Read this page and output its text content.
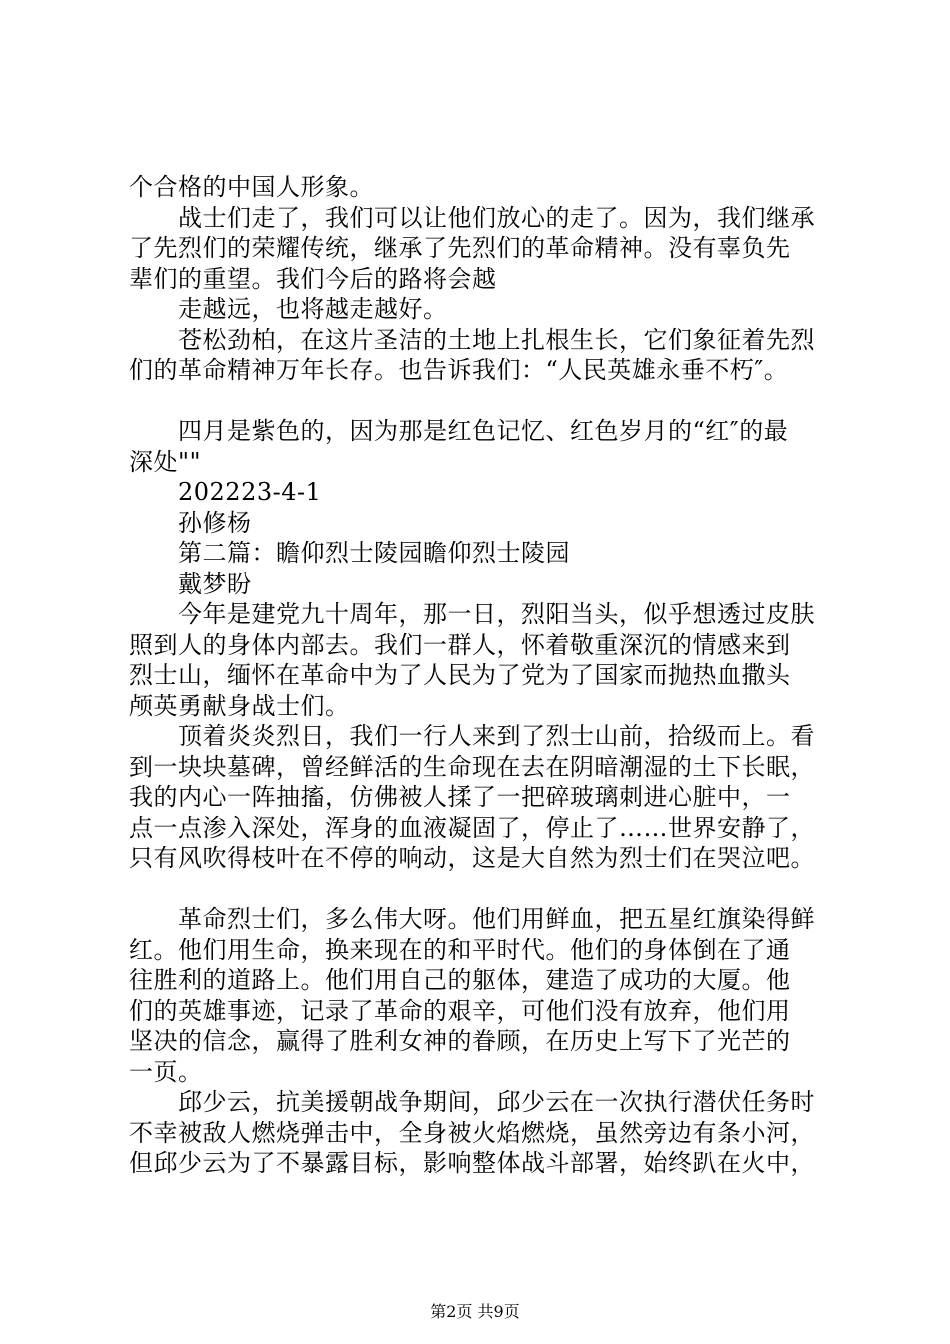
个合格的中国人形象。
战士们走了，我们可以让他们放心的走了。因为，我们继承
了先烈们的荣耀传统，继承了先烈们的革命精神。没有辜负先
辈们的重望。我们今后的路将会越
走越远，也将越走越好。
苍松劲柏，在这片圣洁的土地上扎根生长，它们象征着先烈
们的革命精神万年长存。也告诉我们：“人民英雄永垂不朽″。
四月是紫色的，因为那是红色记忆、红色岁月的“红″的最
深处""
202223-4-1
孙修杨
第二篇：瞻仰烈士陵园瞻仰烈士陵园
戴梦盼
今年是建党九十周年，那一日，烈阳当头，似乎想透过皮肤
照到人的身体内部去。我们一群人，怀着敬重深沉的情感来到
烈士山，缅怀在革命中为了人民为了党为了国家而抛热血撒头
颅英勇献身战士们。
顶着炎炎烈日，我们一行人来到了烈士山前，拾级而上。看
到一块块墓碑，曾经鲜活的生命现在去在阴暗潮湿的土下长眠，
我的内心一阵抽搐，仿佛被人揉了一把碎玻璃刺进心脏中，一
点一点渗入深处，浑身的血液凝固了，停止了……世界安静了，
只有风吹得枝叶在不停的响动，这是大自然为烈士们在哭泣吧。
革命烈士们，多么伟大呀。他们用鲜血，把五星红旗染得鲜
红。他们用生命，换来现在的和平时代。他们的身体倒在了通
往胜利的道路上。他们用自己的躯体，建造了成功的大厦。他
们的英雄事迹，记录了革命的艰辛，可他们没有放弃，他们用
坚决的信念，赢得了胜利女神的眷顾，在历史上写下了光芒的
一页。
邱少云，抗美援朝战争期间，邱少云在一次执行潜伏任务时
不幸被敌人燃烧弹击中，全身被火焰燃烧，虽然旁边有条小河，
但邱少云为了不暴露目标，影响整体战斗部署，始终趴在火中，
第2页 共9页
